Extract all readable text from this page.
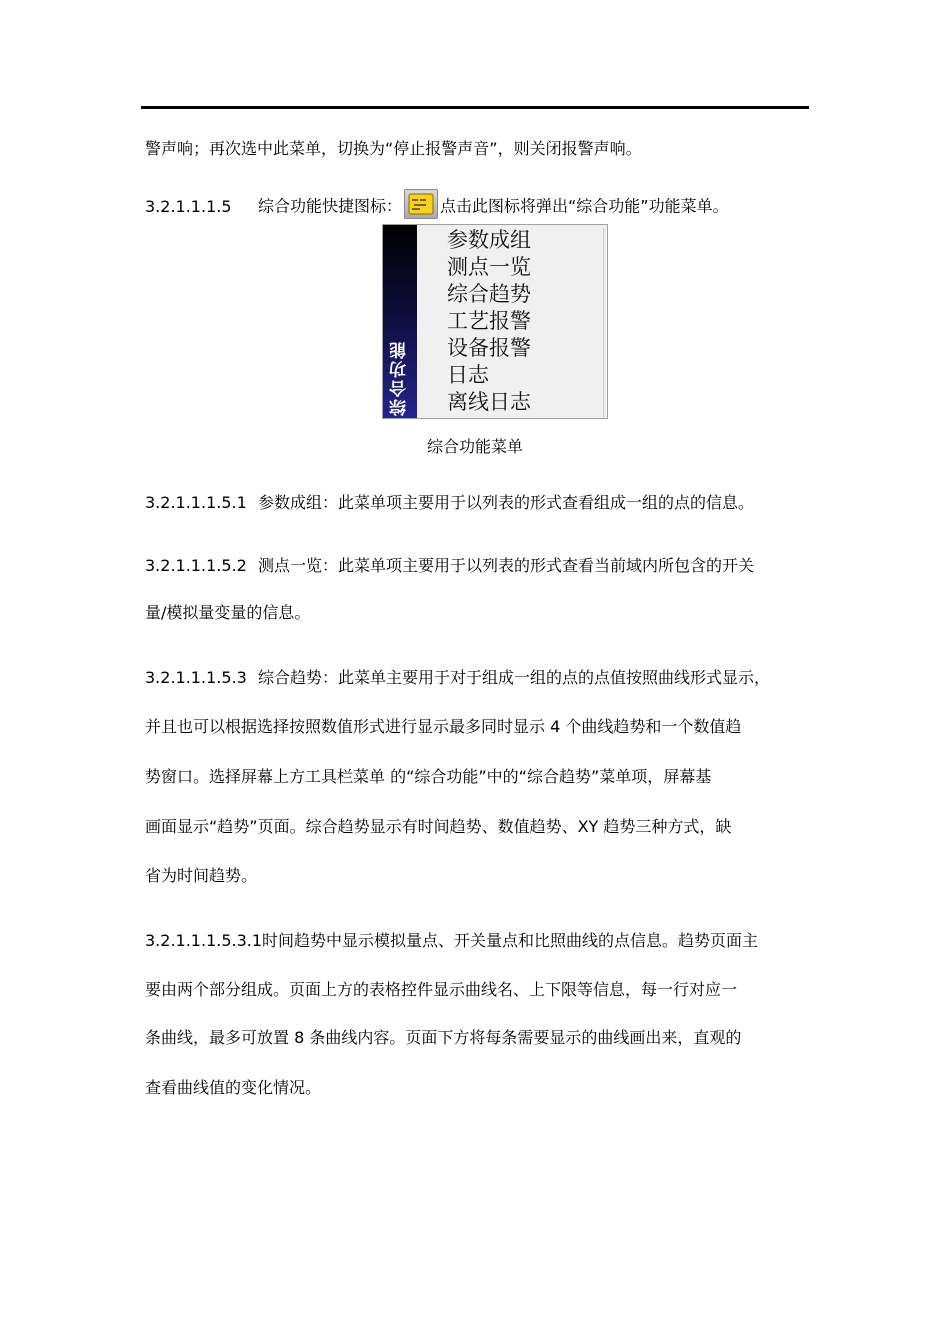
警声响；再次选中此菜单，切换为“停止报警声音”，则关闭报警声响。
3.2.1.1.1.5 综合功能快捷图标： 点击此图标将弹出“综合功能”功能菜单。
综合功能
参数成组
测点一览
综合趋势
工艺报警
设备报警
日志
离线日志
综合功能菜单
3.2.1.1.1.5.1 参数成组：此菜单项主要用于以列表的形式查看组成一组的点的信息。
3.2.1.1.1.5.2 测点一览：此菜单项主要用于以列表的形式查看当前域内所包含的开关
量/模拟量变量的信息。
3.2.1.1.1.5.3 综合趋势：此菜单主要用于对于组成一组的点的点值按照曲线形式显示，
并且也可以根据选择按照数值形式进行显示最多同时显示 4 个曲线趋势和一个数值趋
势窗口。选择屏幕上方工具栏菜单 的“综合功能”中的“综合趋势”菜单项，屏幕基
画面显示“趋势”页面。综合趋势显示有时间趋势、数值趋势、XY 趋势三种方式，缺
省为时间趋势。
3.2.1.1.1.5.3.1时间趋势中显示模拟量点、开关量点和比照曲线的点信息。趋势页面主
要由两个部分组成。页面上方的表格控件显示曲线名、上下限等信息，每一行对应一
条曲线，最多可放置 8 条曲线内容。页面下方将每条需要显示的曲线画出来，直观的
查看曲线值的变化情况。
